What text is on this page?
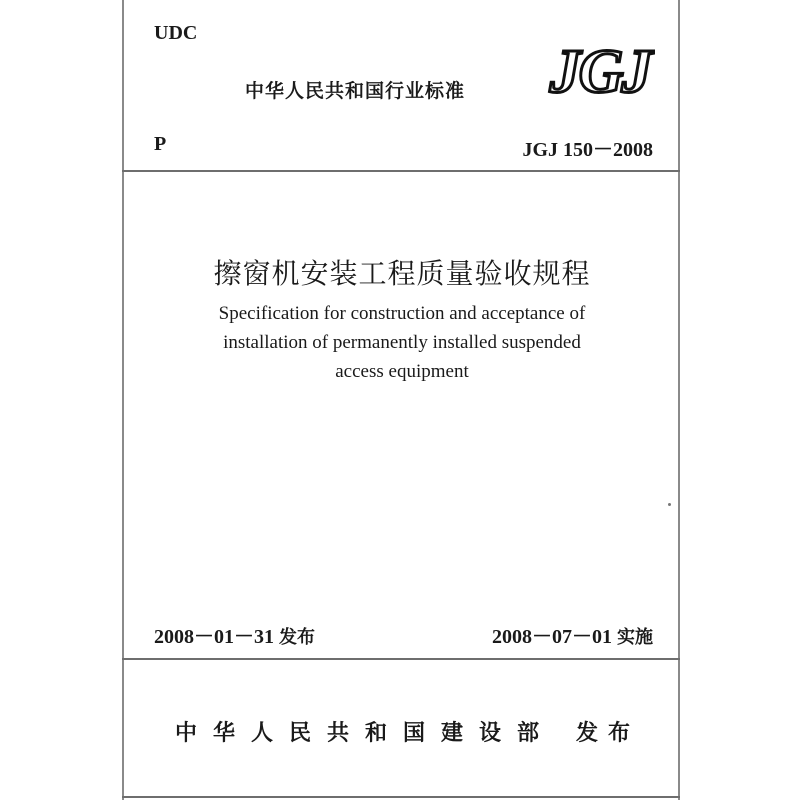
UDC
中华人民共和国行业标准 JGJ
P	JGJ 150－2008
擦窗机安装工程质量验收规程
Specification for construction and acceptance of
installation of permanently installed suspended
access equipment
2008－01－31 发布	2008－07－01 实施
中华人民共和国建设部 发布
